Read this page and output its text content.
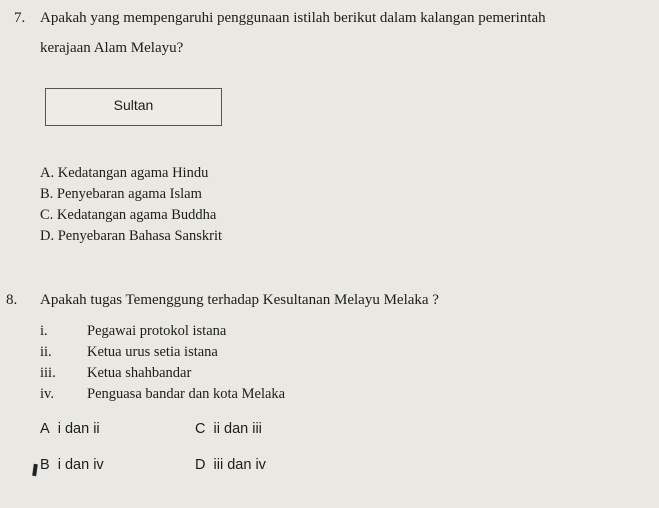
7. Apakah yang mempengaruhi penggunaan istilah berikut dalam kalangan pemerintah
kerajaan Alam Melayu?
Sultan
A. Kedatangan agama Hindu
B. Penyebaran agama Islam
C. Kedatangan agama Buddha
D. Penyebaran Bahasa Sanskrit
8. Apakah tugas Temenggung terhadap Kesultanan Melayu Melaka ?
i.	Pegawai protokol istana
ii. Ketua urus setia istana
iii. Ketua shahbandar
iv. Penguasa bandar dan kota Melaka
A i dan ii	C ii dan iii
B i dan iv	D iii dan iv
